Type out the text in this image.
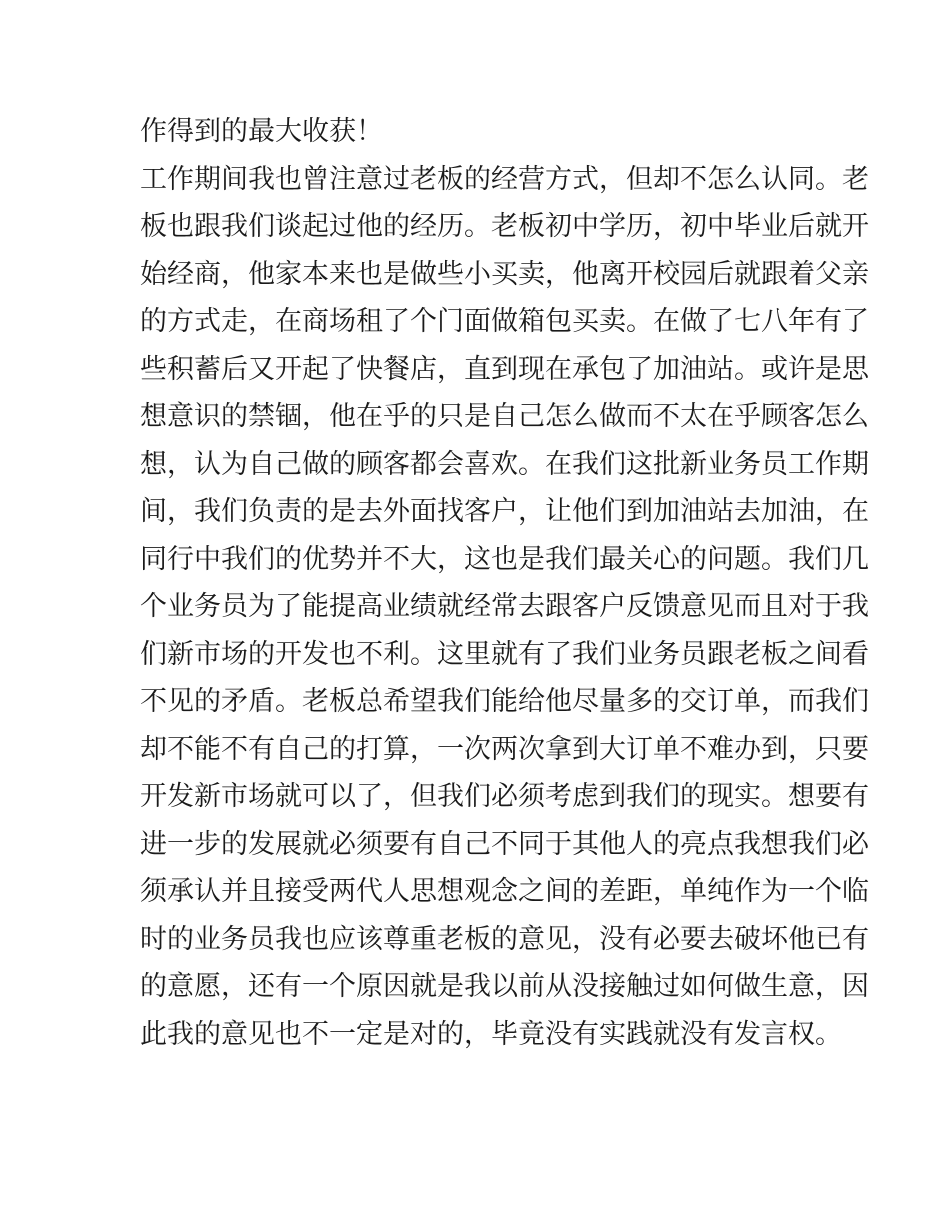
作得到的最大收获！
工作期间我也曾注意过老板的经营方式，但却不怎么认同。老
板也跟我们谈起过他的经历。老板初中学历，初中毕业后就开
始经商，他家本来也是做些小买卖，他离开校园后就跟着父亲
的方式走，在商场租了个门面做箱包买卖。在做了七八年有了
些积蓄后又开起了快餐店，直到现在承包了加油站。或许是思
想意识的禁锢，他在乎的只是自己怎么做而不太在乎顾客怎么
想，认为自己做的顾客都会喜欢。在我们这批新业务员工作期
间，我们负责的是去外面找客户，让他们到加油站去加油，在
同行中我们的优势并不大，这也是我们最关心的问题。我们几
个业务员为了能提高业绩就经常去跟客户反馈意见而且对于我
们新市场的开发也不利。这里就有了我们业务员跟老板之间看
不见的矛盾。老板总希望我们能给他尽量多的交订单，而我们
却不能不有自己的打算，一次两次拿到大订单不难办到，只要
开发新市场就可以了，但我们必须考虑到我们的现实。想要有
进一步的发展就必须要有自己不同于其他人的亮点我想我们必
须承认并且接受两代人思想观念之间的差距，单纯作为一个临
时的业务员我也应该尊重老板的意见，没有必要去破坏他已有
的意愿，还有一个原因就是我以前从没接触过如何做生意，因
此我的意见也不一定是对的，毕竟没有实践就没有发言权。
